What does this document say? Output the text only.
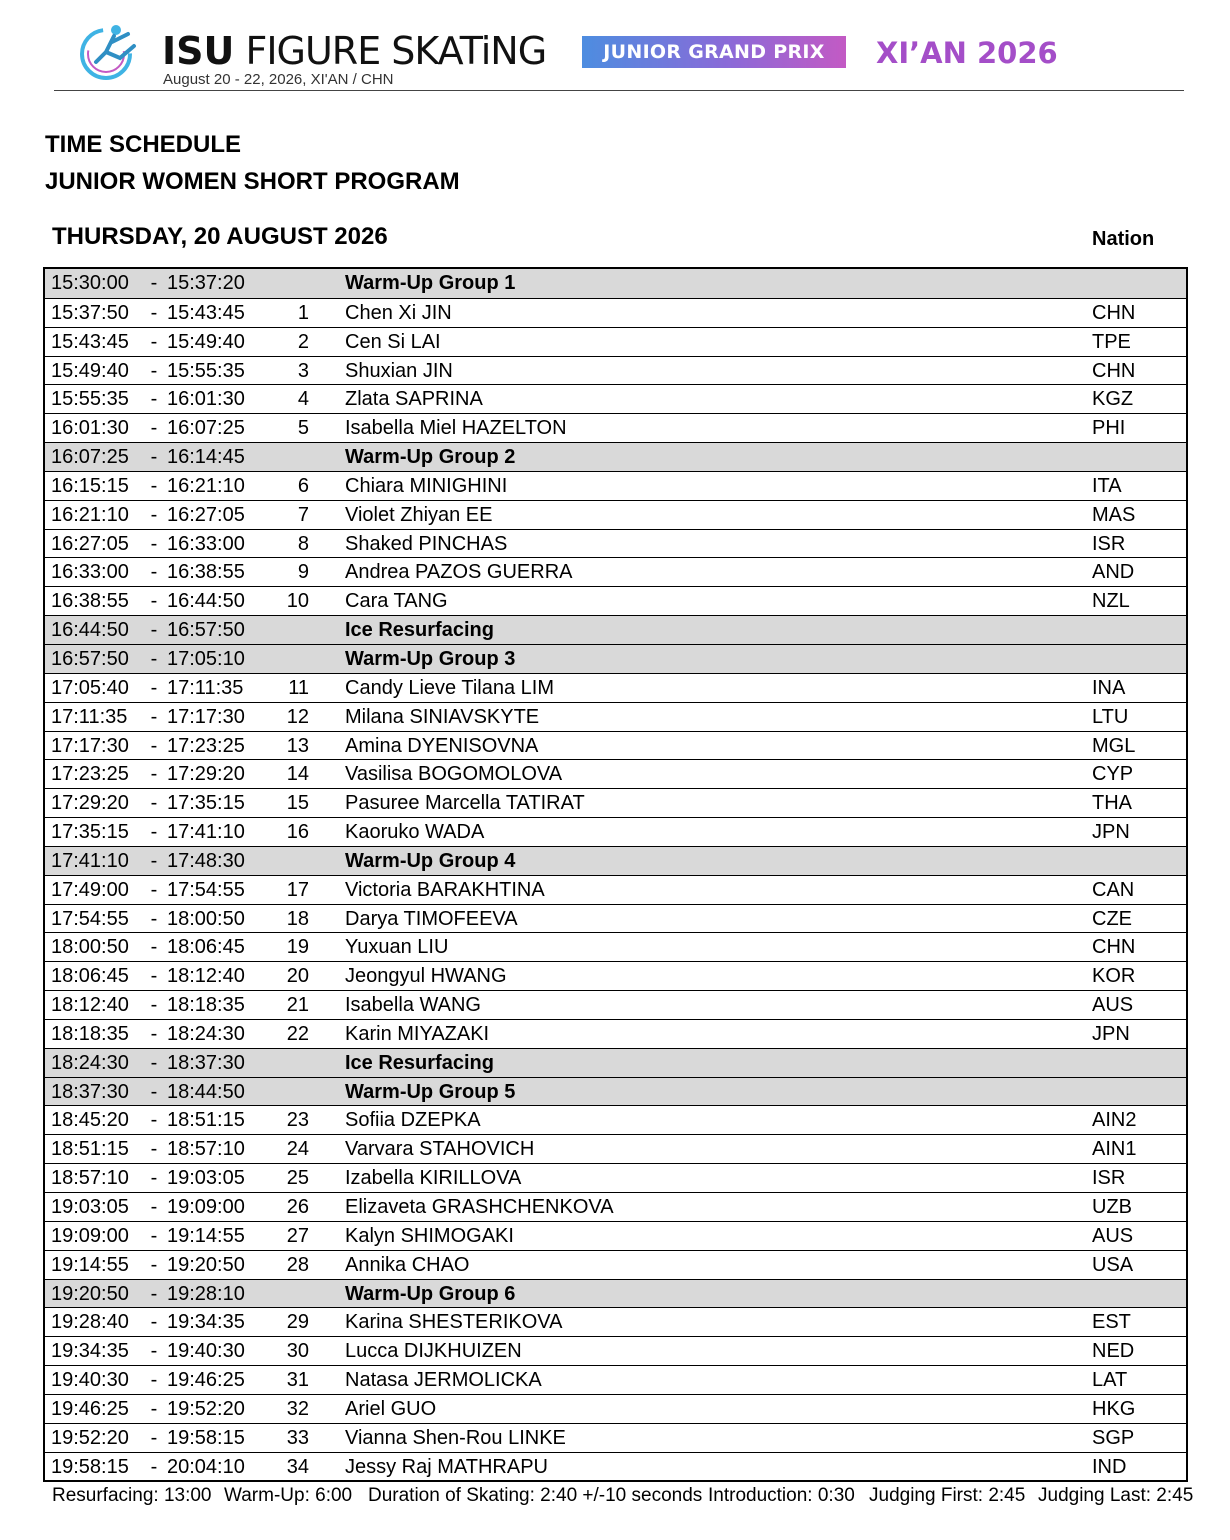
ISU FIGURE SKATiNG
August 20 - 22, 2026, XI'AN / CHN
JUNIOR GRAND PRIX	XI’AN 2026
TIME SCHEDULE
JUNIOR WOMEN SHORT PROGRAM
THURSDAY, 20 AUGUST 2026	Nation
15:30:00 - 15:37:20	Warm-Up Group 1
15:37:50 - 15:43:45	1 Chen Xi JIN	CHN
15:43:45 - 15:49:40	2 Cen Si LAI	TPE
15:49:40 - 15:55:35	3 Shuxian JIN	CHN
15:55:35 - 16:01:30	4 Zlata SAPRINA	KGZ
16:01:30 - 16:07:25	5 Isabella Miel HAZELTON	PHI
16:07:25 - 16:14:45	Warm-Up Group 2
16:15:15 - 16:21:10	6 Chiara MINIGHINI	ITA
16:21:10 - 16:27:05	7 Violet Zhiyan EE	MAS
16:27:05 - 16:33:00	8 Shaked PINCHAS	ISR
16:33:00 - 16:38:55	9 Andrea PAZOS GUERRA	AND
16:38:55 - 16:44:50	10 Cara TANG	NZL
16:44:50 - 16:57:50	Ice Resurfacing
16:57:50 - 17:05:10	Warm-Up Group 3
17:05:40 - 17:11:35	11 Candy Lieve Tilana LIM	INA
17:11:35 - 17:17:30	12 Milana SINIAVSKYTE	LTU
17:17:30 - 17:23:25	13 Amina DYENISOVNA	MGL
17:23:25 - 17:29:20	14 Vasilisa BOGOMOLOVA	CYP
17:29:20 - 17:35:15	15 Pasuree Marcella TATIRAT	THA
17:35:15 - 17:41:10	16 Kaoruko WADA	JPN
17:41:10 - 17:48:30	Warm-Up Group 4
17:49:00 - 17:54:55	17 Victoria BARAKHTINA	CAN
17:54:55 - 18:00:50	18 Darya TIMOFEEVA	CZE
18:00:50 - 18:06:45	19 Yuxuan LIU	CHN
18:06:45 - 18:12:40	20 Jeongyul HWANG	KOR
18:12:40 - 18:18:35	21 Isabella WANG	AUS
18:18:35 - 18:24:30	22 Karin MIYAZAKI	JPN
18:24:30 - 18:37:30	Ice Resurfacing
18:37:30 - 18:44:50	Warm-Up Group 5
18:45:20 - 18:51:15	23 Sofiia DZEPKA	AIN2
18:51:15 - 18:57:10	24 Varvara STAHOVICH	AIN1
18:57:10 - 19:03:05	25 Izabella KIRILLOVA	ISR
19:03:05 - 19:09:00	26 Elizaveta GRASHCHENKOVA	UZB
19:09:00 - 19:14:55	27 Kalyn SHIMOGAKI	AUS
19:14:55 - 19:20:50	28 Annika CHAO	USA
19:20:50 - 19:28:10	Warm-Up Group 6
19:28:40 - 19:34:35	29 Karina SHESTERIKOVA	EST
19:34:35 - 19:40:30	30 Lucca DIJKHUIZEN	NED
19:40:30 - 19:46:25	31 Natasa JERMOLICKA	LAT
19:46:25 - 19:52:20	32 Ariel GUO	HKG
19:52:20 - 19:58:15	33 Vianna Shen-Rou LINKE	SGP
19:58:15 - 20:04:10	34 Jessy Raj MATHRAPU	IND
Resurfacing: 13:00 Warm-Up: 6:00 Duration of Skating: 2:40 +/-10 seconds Introduction: 0:30 Judging First: 2:45 Judging Last: 2:45
